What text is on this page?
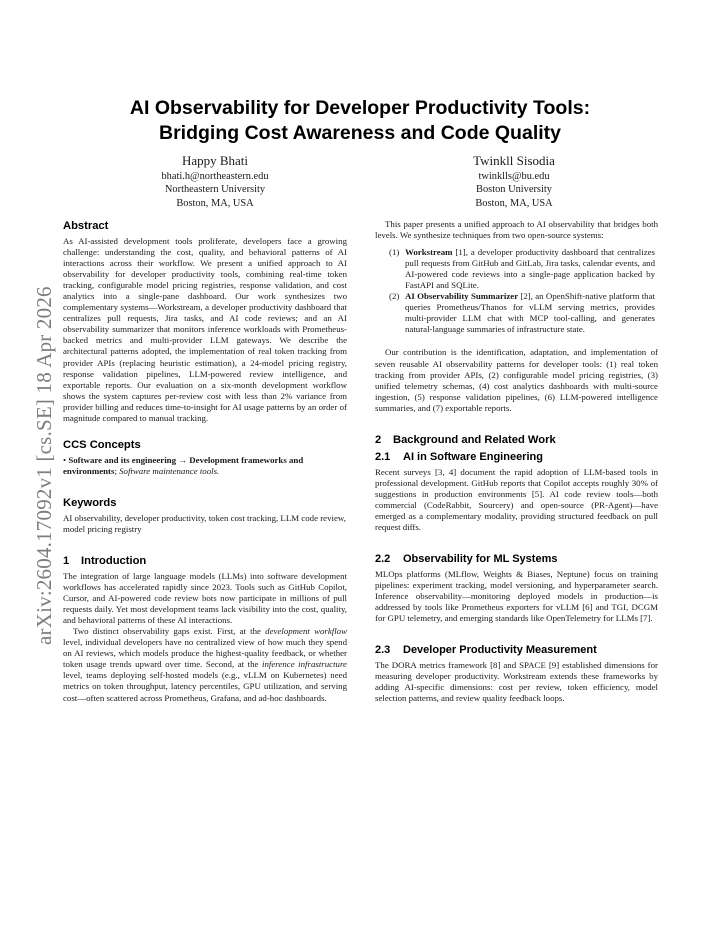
arXiv:2604.17092v1 [cs.SE] 18 Apr 2026
AI Observability for Developer Productivity Tools:
Bridging Cost Awareness and Code Quality
Happy Bhati
bhati.h@northeastern.edu
Northeastern University
Boston, MA, USA
Twinkll Sisodia
twinklls@bu.edu
Boston University
Boston, MA, USA
Abstract

As AI-assisted development tools proliferate, developers face a growing challenge: understanding the cost, quality, and behavioral patterns of AI interactions across their workflow. We present a unified approach to AI observability for developer productivity tools, combining real-time token tracking, configurable model pricing registries, response validation, and cost analytics into a single-pane dashboard. Our work synthesizes two complementary systems—Workstream, a developer productivity dashboard that centralizes pull requests, Jira tasks, and AI code reviews; and an AI observability summarizer that monitors inference workloads with Prometheus-backed metrics and multi-provider LLM gateways. We describe the architectural patterns adopted, the implementation of real token tracking from provider APIs (replacing heuristic estimation), a 24-model pricing registry, response validation pipelines, LLM-powered review intelligence, and exportable reports. Our evaluation on a six-month development workflow shows the system captures per-review cost with less than 2% variance from provider billing and reduces time-to-insight for AI usage patterns by an order of magnitude compared to manual tracking.

CCS Concepts

• Software and its engineering → Development frameworks and environments; Software maintenance tools.

Keywords

AI observability, developer productivity, token cost tracking, LLM code review, model pricing registry

1 Introduction

The integration of large language models (LLMs) into software development workflows has accelerated rapidly since 2023. Tools such as GitHub Copilot, Cursor, and AI-powered code review bots now participate in millions of pull requests daily. Yet most development teams lack visibility into the cost, quality, and behavioral patterns of these AI interactions.

Two distinct observability gaps exist. First, at the development workflow level, individual developers have no centralized view of how much they spend on AI reviews, which models produce the highest-quality feedback, or whether token usage trends upward over time. Second, at the inference infrastructure level, teams deploying self-hosted models (e.g., vLLM on Kubernetes) need metrics on token throughput, latency percentiles, GPU utilization, and serving cost—often scattered across Prometheus, Grafana, and ad-hoc dashboards.

This paper presents a unified approach to AI observability that bridges both levels. We synthesize techniques from two open-source systems:

(1) Workstream [1], a developer productivity dashboard that centralizes pull requests from GitHub and GitLab, Jira tasks, calendar events, and AI-powered code reviews into a single-page application backed by FastAPI and SQLite.
(2) AI Observability Summarizer [2], an OpenShift-native platform that queries Prometheus/Thanos for vLLM serving metrics, provides multi-provider LLM chat with MCP tool-calling, and generates natural-language summaries of infrastructure state.

Our contribution is the identification, adaptation, and implementation of seven reusable AI observability patterns for developer tools: (1) real token tracking from provider APIs, (2) configurable model pricing registries, (3) unified telemetry schemas, (4) cost analytics dashboards with multi-source ingestion, (5) response validation pipelines, (6) LLM-powered intelligence summaries, and (7) exportable reports.

2 Background and Related Work
2.1 AI in Software Engineering

Recent surveys [3, 4] document the rapid adoption of LLM-based tools in professional development. GitHub reports that Copilot accepts roughly 30% of suggestions in production environments [5]. AI code review tools—both commercial (CodeRabbit, Sourcery) and open-source (PR-Agent)—have emerged as a complementary modality, providing structured feedback on pull request diffs.

2.2 Observability for ML Systems

MLOps platforms (MLflow, Weights & Biases, Neptune) focus on training pipelines: experiment tracking, model versioning, and hyperparameter search. Inference observability—monitoring deployed models in production—is addressed by tools like Prometheus exporters for vLLM [6] and TGI, DCGM for GPU telemetry, and emerging standards like OpenTelemetry for LLMs [7].

2.3 Developer Productivity Measurement

The DORA metrics framework [8] and SPACE [9] established dimensions for measuring developer productivity. Workstream extends these frameworks by adding AI-specific dimensions: cost per review, token efficiency, model selection patterns, and review quality feedback loops.
